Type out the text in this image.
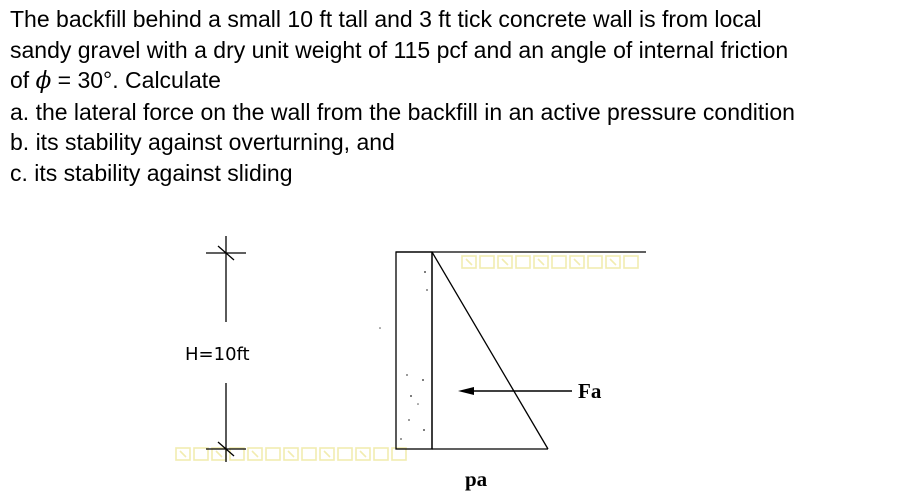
The backfill behind a small 10 ft tall and 3 ft tick concrete wall is from local
sandy gravel with a dry unit weight of 115 pcf and an angle of internal friction
of ϕ = 30°. Calculate
a. the lateral force on the wall from the backfill in an active pressure condition
b. its stability against overturning, and
c. its stability against sliding
H=10ft
Fa
pa
